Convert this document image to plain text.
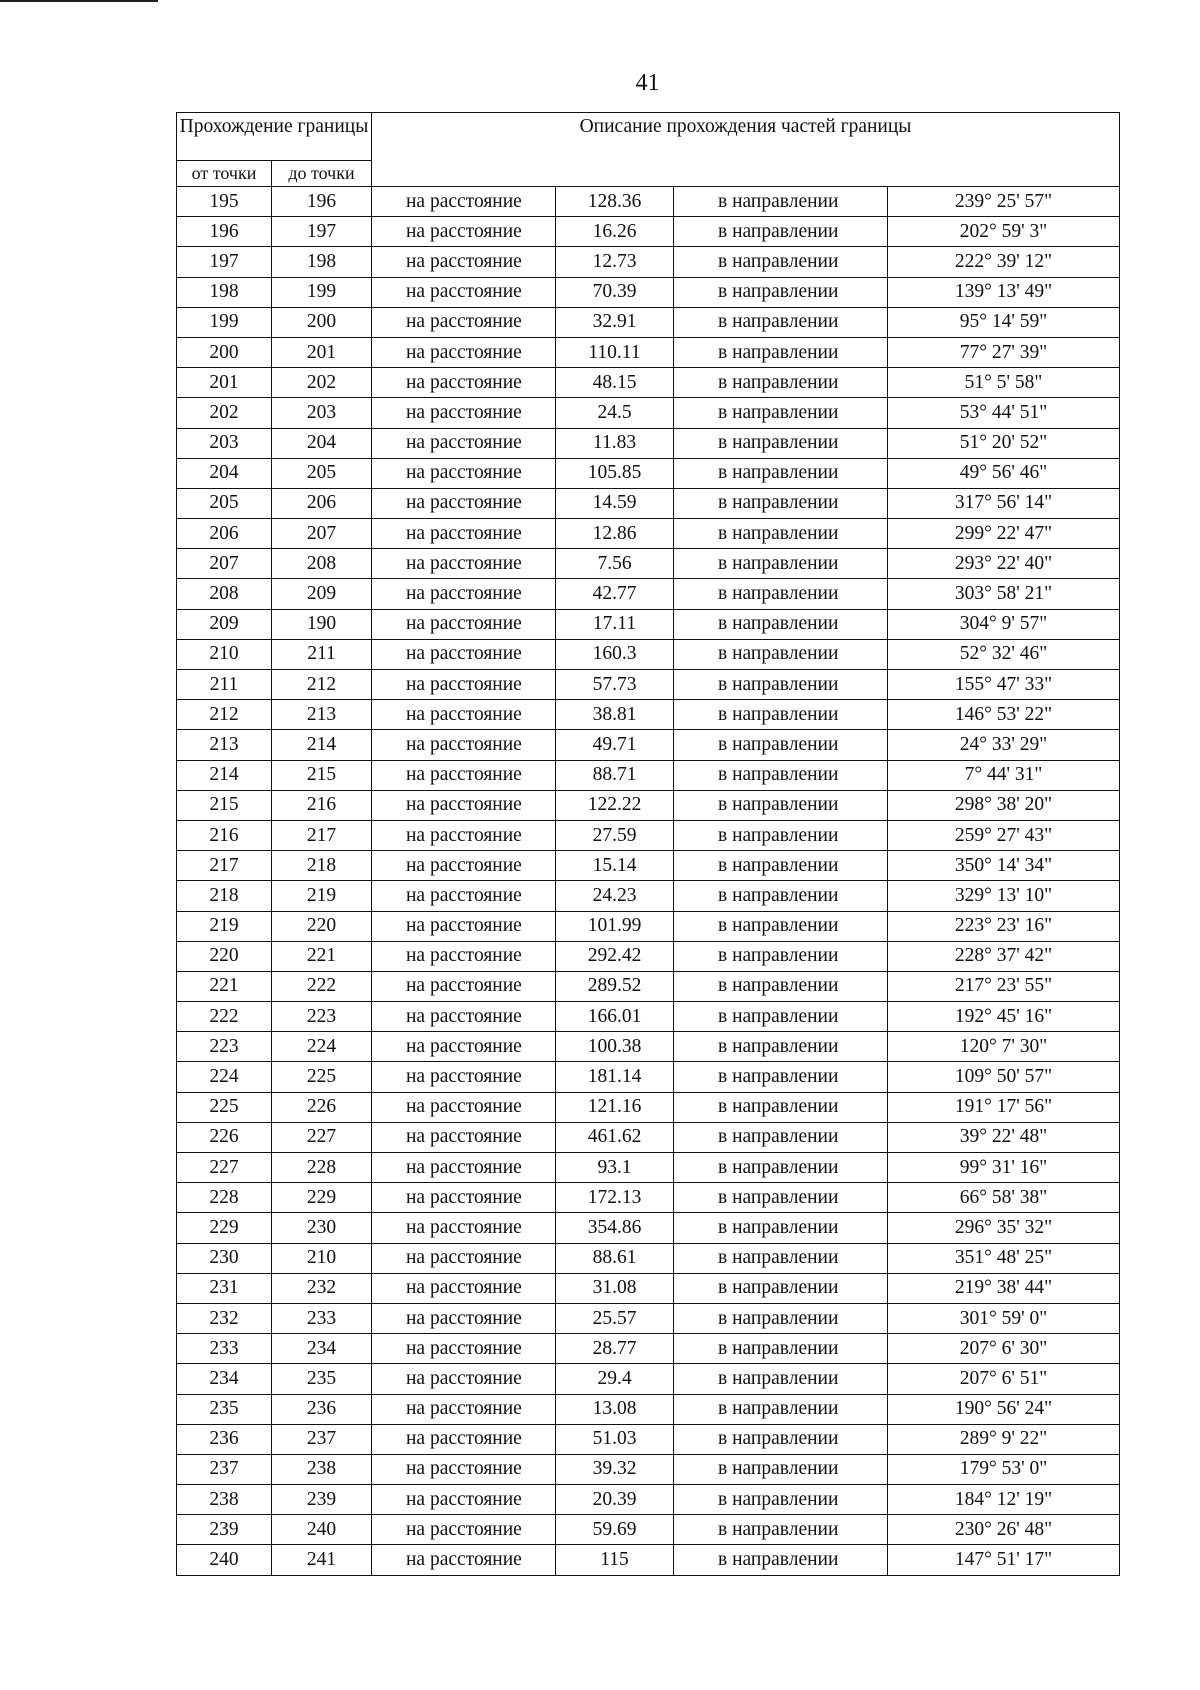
41
Прохождение границы		Описание прохождения частей границы			
от точки	до точки				
195	196	на расстояние	128.36	в направлении	239° 25' 57"
196	197	на расстояние	16.26	в направлении	202° 59' 3"
197	198	на расстояние	12.73	в направлении	222° 39' 12"
198	199	на расстояние	70.39	в направлении	139° 13' 49"
199	200	на расстояние	32.91	в направлении	95° 14' 59"
200	201	на расстояние	110.11	в направлении	77° 27' 39"
201	202	на расстояние	48.15	в направлении	51° 5' 58"
202	203	на расстояние	24.5	в направлении	53° 44' 51"
203	204	на расстояние	11.83	в направлении	51° 20' 52"
204	205	на расстояние	105.85	в направлении	49° 56' 46"
205	206	на расстояние	14.59	в направлении	317° 56' 14"
206	207	на расстояние	12.86	в направлении	299° 22' 47"
207	208	на расстояние	7.56	в направлении	293° 22' 40"
208	209	на расстояние	42.77	в направлении	303° 58' 21"
209	190	на расстояние	17.11	в направлении	304° 9' 57"
210	211	на расстояние	160.3	в направлении	52° 32' 46"
211	212	на расстояние	57.73	в направлении	155° 47' 33"
212	213	на расстояние	38.81	в направлении	146° 53' 22"
213	214	на расстояние	49.71	в направлении	24° 33' 29"
214	215	на расстояние	88.71	в направлении	7° 44' 31"
215	216	на расстояние	122.22	в направлении	298° 38' 20"
216	217	на расстояние	27.59	в направлении	259° 27' 43"
217	218	на расстояние	15.14	в направлении	350° 14' 34"
218	219	на расстояние	24.23	в направлении	329° 13' 10"
219	220	на расстояние	101.99	в направлении	223° 23' 16"
220	221	на расстояние	292.42	в направлении	228° 37' 42"
221	222	на расстояние	289.52	в направлении	217° 23' 55"
222	223	на расстояние	166.01	в направлении	192° 45' 16"
223	224	на расстояние	100.38	в направлении	120° 7' 30"
224	225	на расстояние	181.14	в направлении	109° 50' 57"
225	226	на расстояние	121.16	в направлении	191° 17' 56"
226	227	на расстояние	461.62	в направлении	39° 22' 48"
227	228	на расстояние	93.1	в направлении	99° 31' 16"
228	229	на расстояние	172.13	в направлении	66° 58' 38"
229	230	на расстояние	354.86	в направлении	296° 35' 32"
230	210	на расстояние	88.61	в направлении	351° 48' 25"
231	232	на расстояние	31.08	в направлении	219° 38' 44"
232	233	на расстояние	25.57	в направлении	301° 59' 0"
233	234	на расстояние	28.77	в направлении	207° 6' 30"
234	235	на расстояние	29.4	в направлении	207° 6' 51"
235	236	на расстояние	13.08	в направлении	190° 56' 24"
236	237	на расстояние	51.03	в направлении	289° 9' 22"
237	238	на расстояние	39.32	в направлении	179° 53' 0"
238	239	на расстояние	20.39	в направлении	184° 12' 19"
239	240	на расстояние	59.69	в направлении	230° 26' 48"
240	241	на расстояние	115	в направлении	147° 51' 17"
